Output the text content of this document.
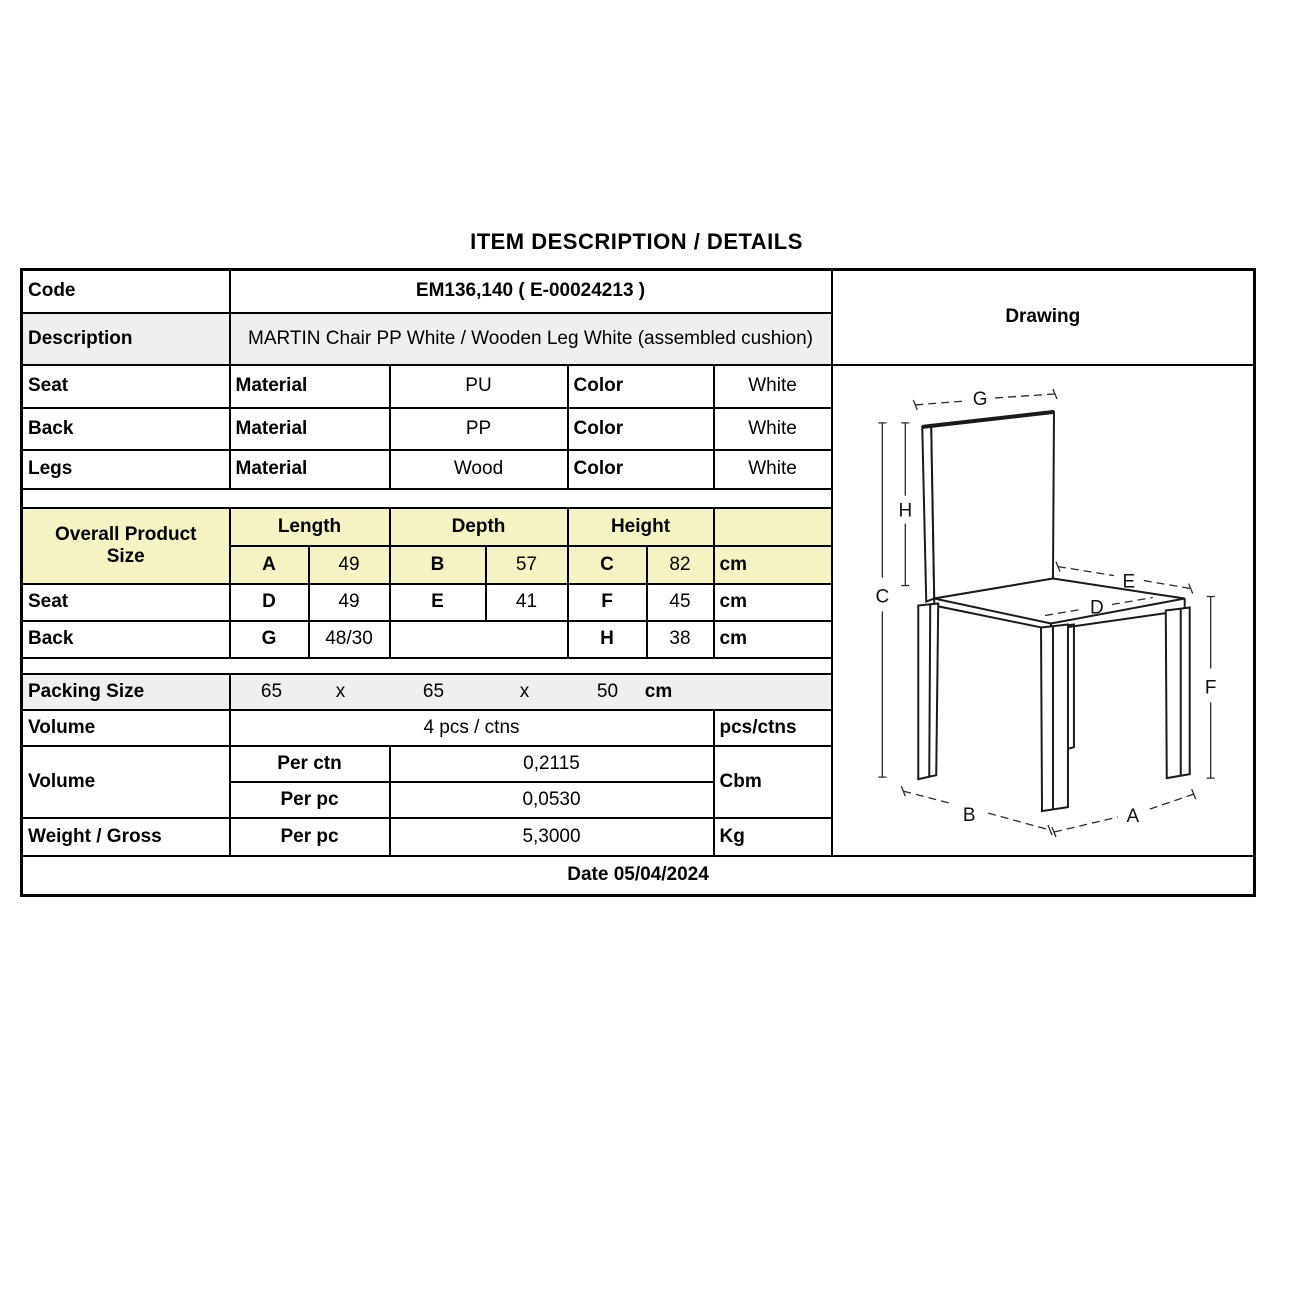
ITEM DESCRIPTION / DETAILS
Code	EM136,140 ( E-00024213 )							Drawing
Description	MARTIN Chair PP White / Wooden Leg White (assembled cushion)							

Seat	Material	PU	Color	White	
G
H
C
E
D
F
B	A

Back	Material		PP		Color		White	
Legs	Material		Wood		Color		White	

Overall Product
Size	Length		Depth		Height			
	A	49	B	57	C	82	cm	
Seat	D	49	E	41	F	45	cm	
Back	G	48/30			H	38	cm	

Packing Size	65	x	65	x	50 cm

Volume	4 pcs / ctns						pcs/ctns	
Volume	Per ctn		0,2115				Cbm	
	Per pc		0,0530					
Weight / Gross	Per pc		5,3000				Kg	
Date 05/04/2024								
